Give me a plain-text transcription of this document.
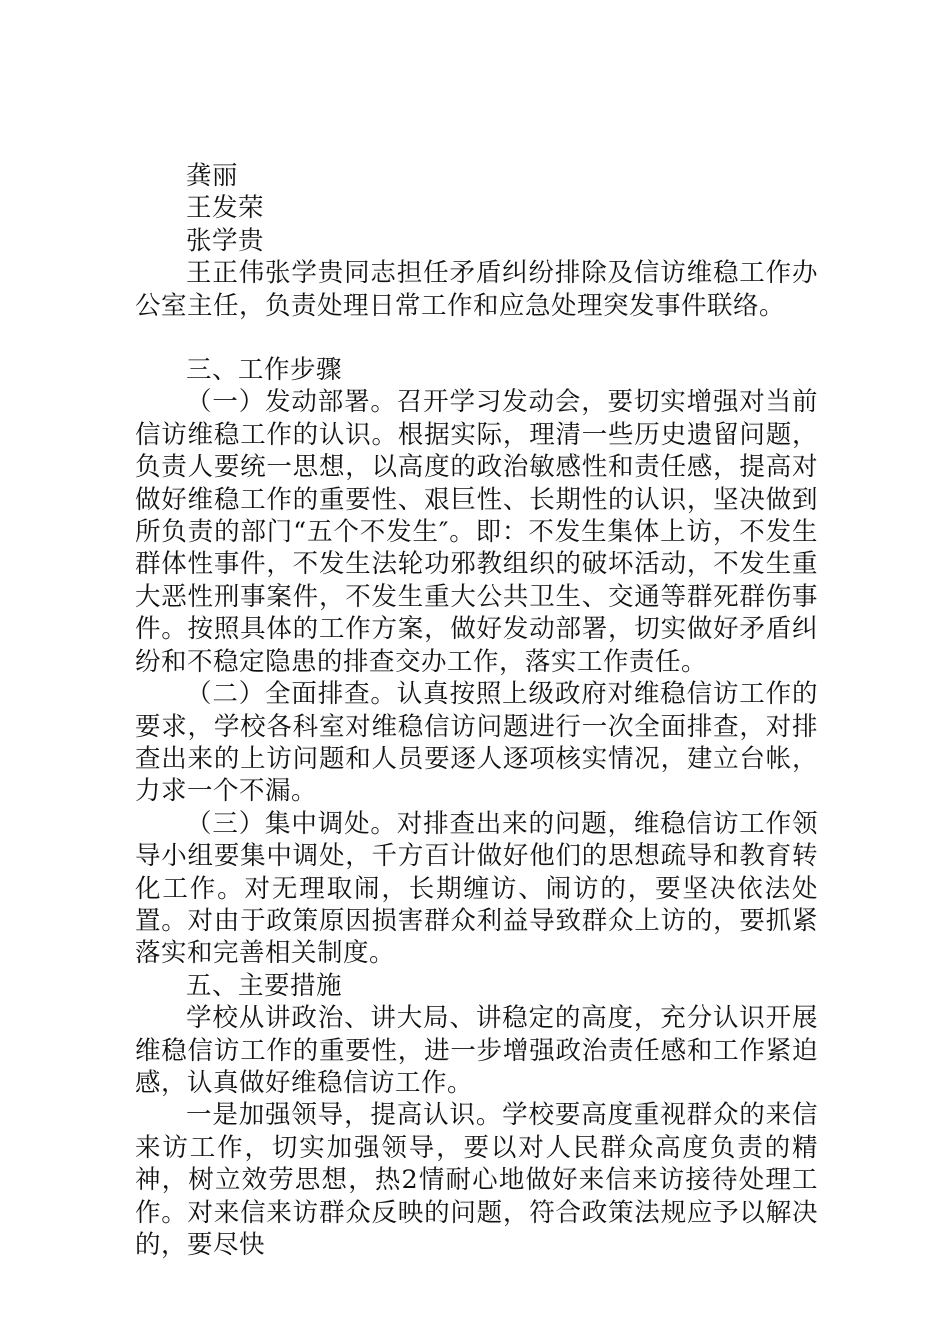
龚丽

王发荣

张学贵

王正伟张学贵同志担任矛盾纠纷排除及信访维稳工作办公室主任，负责处理日常工作和应急处理突发事件联络。

三、工作步骤

（一）发动部署。召开学习发动会，要切实增强对当前信访维稳工作的认识。根据实际，理清一些历史遗留问题，负责人要统一思想，以高度的政治敏感性和责任感，提高对做好维稳工作的重要性、艰巨性、长期性的认识，坚决做到所负责的部门“五个不发生″。即：不发生集体上访，不发生群体性事件，不发生法轮功邪教组织的破坏活动，不发生重大恶性刑事案件，不发生重大公共卫生、交通等群死群伤事件。按照具体的工作方案，做好发动部署，切实做好矛盾纠纷和不稳定隐患的排查交办工作，落实工作责任。

（二）全面排查。认真按照上级政府对维稳信访工作的要求，学校各科室对维稳信访问题进行一次全面排查，对排查出来的上访问题和人员要逐人逐项核实情况，建立台帐，力求一个不漏。

（三）集中调处。对排查出来的问题，维稳信访工作领导小组要集中调处，千方百计做好他们的思想疏导和教育转化工作。对无理取闹，长期缠访、闹访的，要坚决依法处置。对由于政策原因损害群众利益导致群众上访的，要抓紧落实和完善相关制度。

五、主要措施

学校从讲政治、讲大局、讲稳定的高度，充分认识开展维稳信访工作的重要性，进一步增强政治责任感和工作紧迫感，认真做好维稳信访工作。

一是加强领导，提高认识。学校要高度重视群众的来信来访工作，切实加强领导，要以对人民群众高度负责的精神，树立效劳思想，热2情耐心地做好来信来访接待处理工作。对来信来访群众反映的问题，符合政策法规应予以解决的，要尽快
